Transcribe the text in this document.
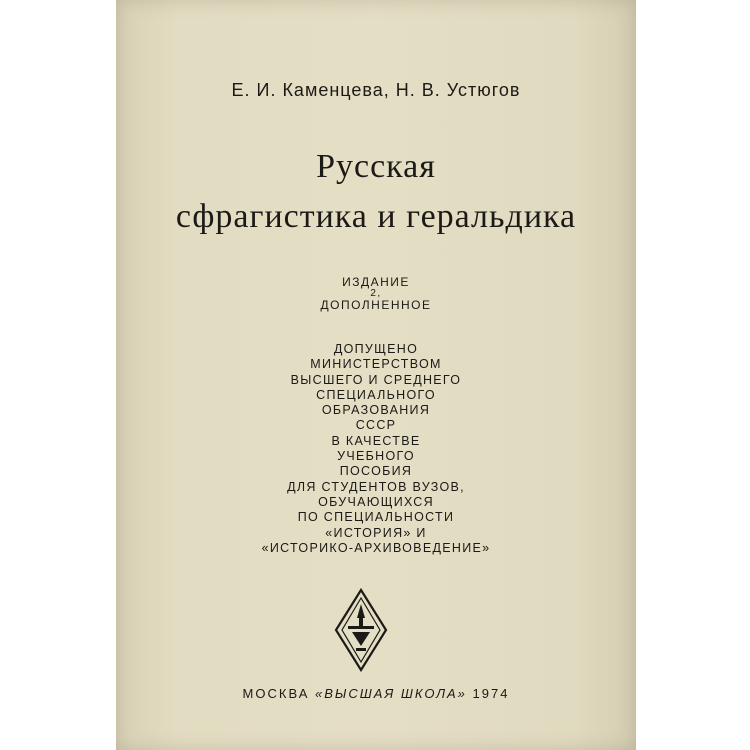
Е. И. Каменцева, Н. В. Устюгов
Русская
сфрагистика и геральдика
ИЗДАНИЕ
2,
ДОПОЛНЕННОЕ
ДОПУЩЕНО
МИНИСТЕРСТВОМ
ВЫСШЕГО И СРЕДНЕГО
СПЕЦИАЛЬНОГО
ОБРАЗОВАНИЯ
СССР
В КАЧЕСТВЕ
УЧЕБНОГО
ПОСОБИЯ
ДЛЯ СТУДЕНТОВ ВУЗОВ,
ОБУЧАЮЩИХСЯ
ПО СПЕЦИАЛЬНОСТИ
«ИСТОРИЯ» И
«ИСТОРИКО-АРХИВОВЕДЕНИЕ»
МОСКВА «ВЫСШАЯ ШКОЛА» 1974
